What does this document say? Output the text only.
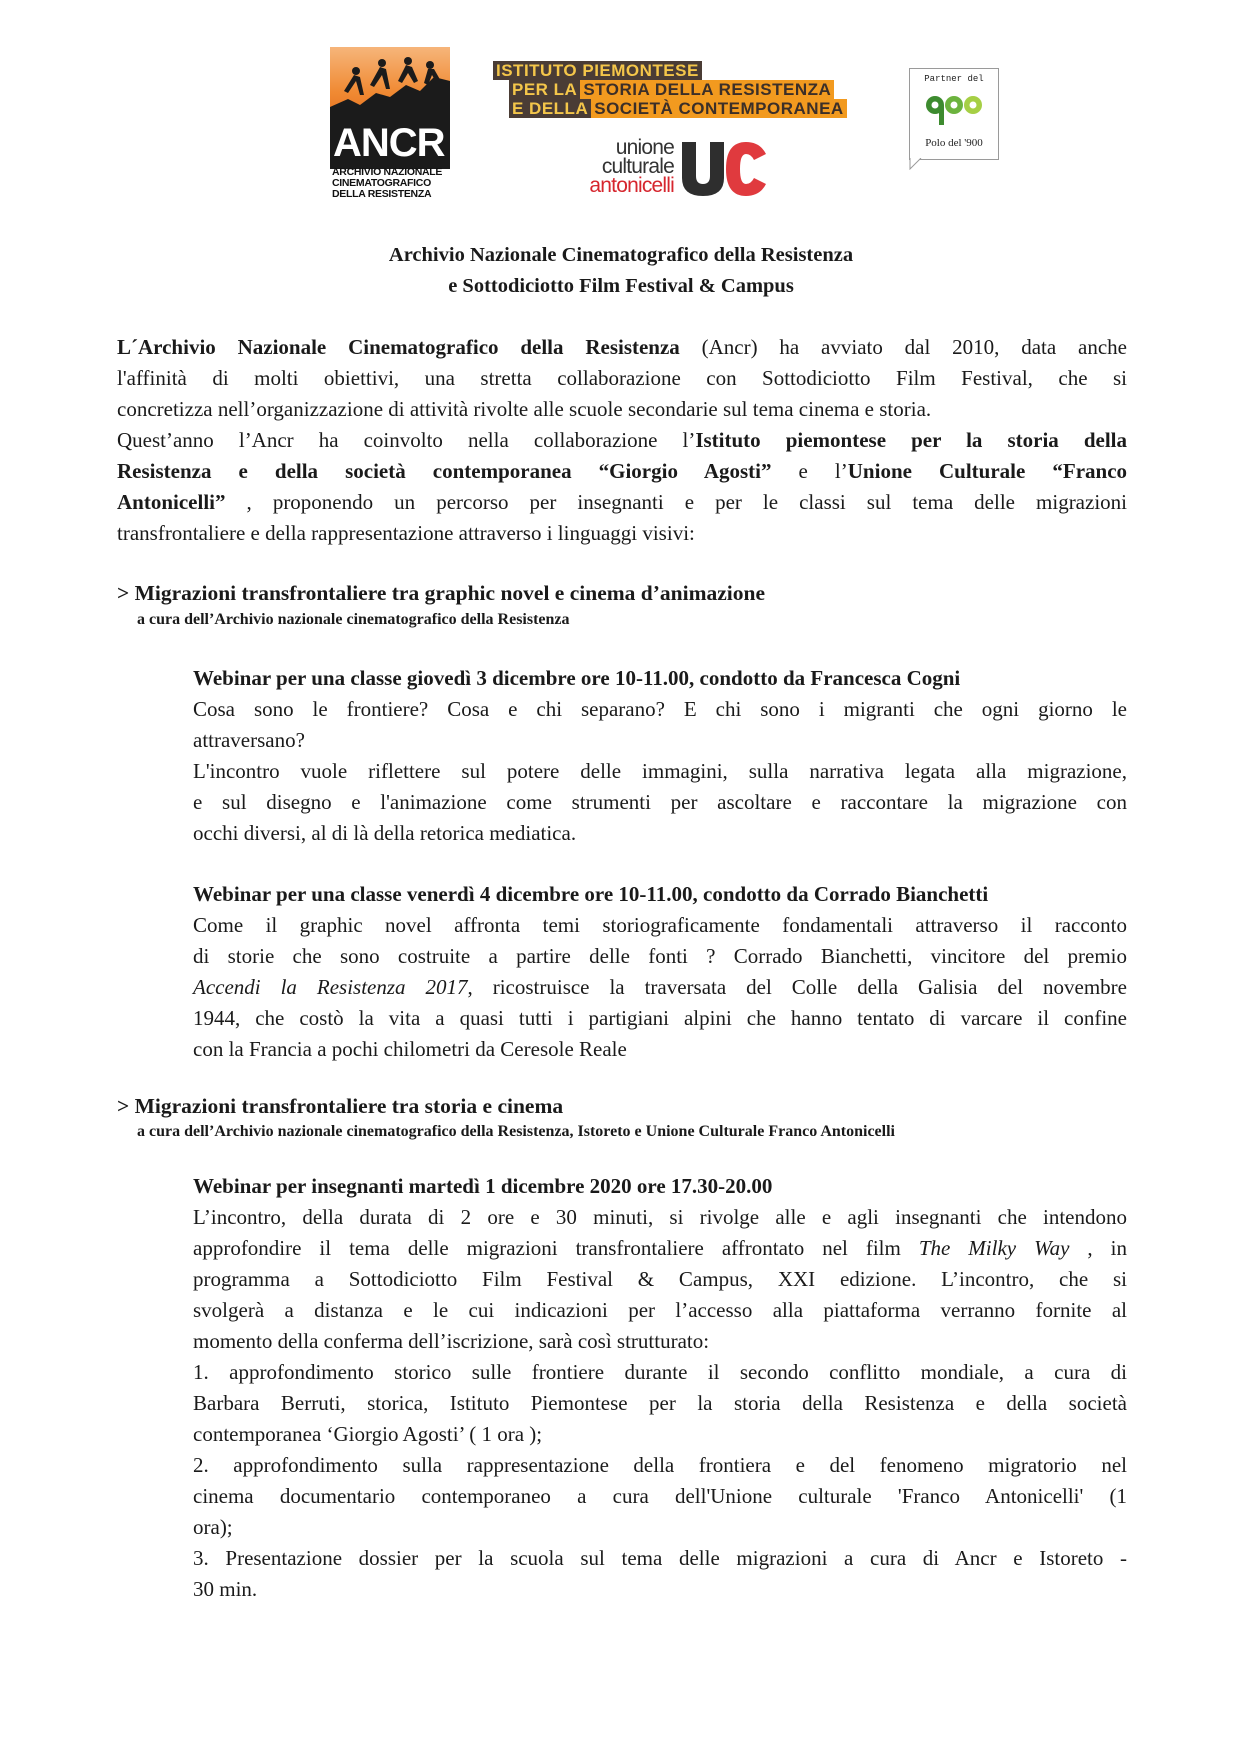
ANCR
ARCHIVIO NAZIONALE
CINEMATOGRAFICO
DELLA RESISTENZA
ISTITUTO PIEMONTESE
PER LA STORIA DELLA RESISTENZA
E DELLA SOCIETÀ CONTEMPORANEA
unione
culturale
antonicelli
Partner del
Polo del '900
Archivio Nazionale Cinematografico della Resistenza
e Sottodiciotto Film Festival & Campus
L´Archivio Nazionale Cinematografico della Resistenza (Ancr) ha avviato dal 2010, data anche
l'affinità di molti obiettivi, una stretta collaborazione con Sottodiciotto Film Festival, che si
concretizza nell’organizzazione di attività rivolte alle scuole secondarie sul tema cinema e storia.
Quest’anno l’Ancr ha coinvolto nella collaborazione l’Istituto piemontese per la storia della
Resistenza e della società contemporanea “Giorgio Agosti” e l’Unione Culturale “Franco
Antonicelli” , proponendo un percorso per insegnanti e per le classi sul tema delle migrazioni
transfrontaliere e della rappresentazione attraverso i linguaggi visivi:
> Migrazioni transfrontaliere tra graphic novel e cinema d’animazione
a cura dell’Archivio nazionale cinematografico della Resistenza
Webinar per una classe giovedì 3 dicembre ore 10-11.00, condotto da Francesca Cogni
Cosa sono le frontiere? Cosa e chi separano? E chi sono i migranti che ogni giorno le
attraversano?
L'incontro vuole riflettere sul potere delle immagini, sulla narrativa legata alla migrazione,
e sul disegno e l'animazione come strumenti per ascoltare e raccontare la migrazione con
occhi diversi, al di là della retorica mediatica.
Webinar per una classe venerdì 4 dicembre ore 10-11.00, condotto da Corrado Bianchetti
Come il graphic novel affronta temi storiograficamente fondamentali attraverso il racconto
di storie che sono costruite a partire delle fonti ? Corrado Bianchetti, vincitore del premio
Accendi la Resistenza 2017, ricostruisce la traversata del Colle della Galisia del novembre
1944, che costò la vita a quasi tutti i partigiani alpini che hanno tentato di varcare il confine
con la Francia a pochi chilometri da Ceresole Reale
> Migrazioni transfrontaliere tra storia e cinema
a cura dell’Archivio nazionale cinematografico della Resistenza, Istoreto e Unione Culturale Franco Antonicelli
Webinar per insegnanti martedì 1 dicembre 2020 ore 17.30-20.00
L’incontro, della durata di 2 ore e 30 minuti, si rivolge alle e agli insegnanti che intendono
approfondire il tema delle migrazioni transfrontaliere affrontato nel film The Milky Way , in
programma a Sottodiciotto Film Festival & Campus, XXI edizione. L’incontro, che si
svolgerà a distanza e le cui indicazioni per l’accesso alla piattaforma verranno fornite al
momento della conferma dell’iscrizione, sarà così strutturato:
1. approfondimento storico sulle frontiere durante il secondo conflitto mondiale, a cura di
Barbara Berruti, storica, Istituto Piemontese per la storia della Resistenza e della società
contemporanea ‘Giorgio Agosti’ ( 1 ora );
2. approfondimento sulla rappresentazione della frontiera e del fenomeno migratorio nel
cinema documentario contemporaneo a cura dell'Unione culturale 'Franco Antonicelli' (1
ora);
3. Presentazione dossier per la scuola sul tema delle migrazioni a cura di Ancr e Istoreto -
30 min.
